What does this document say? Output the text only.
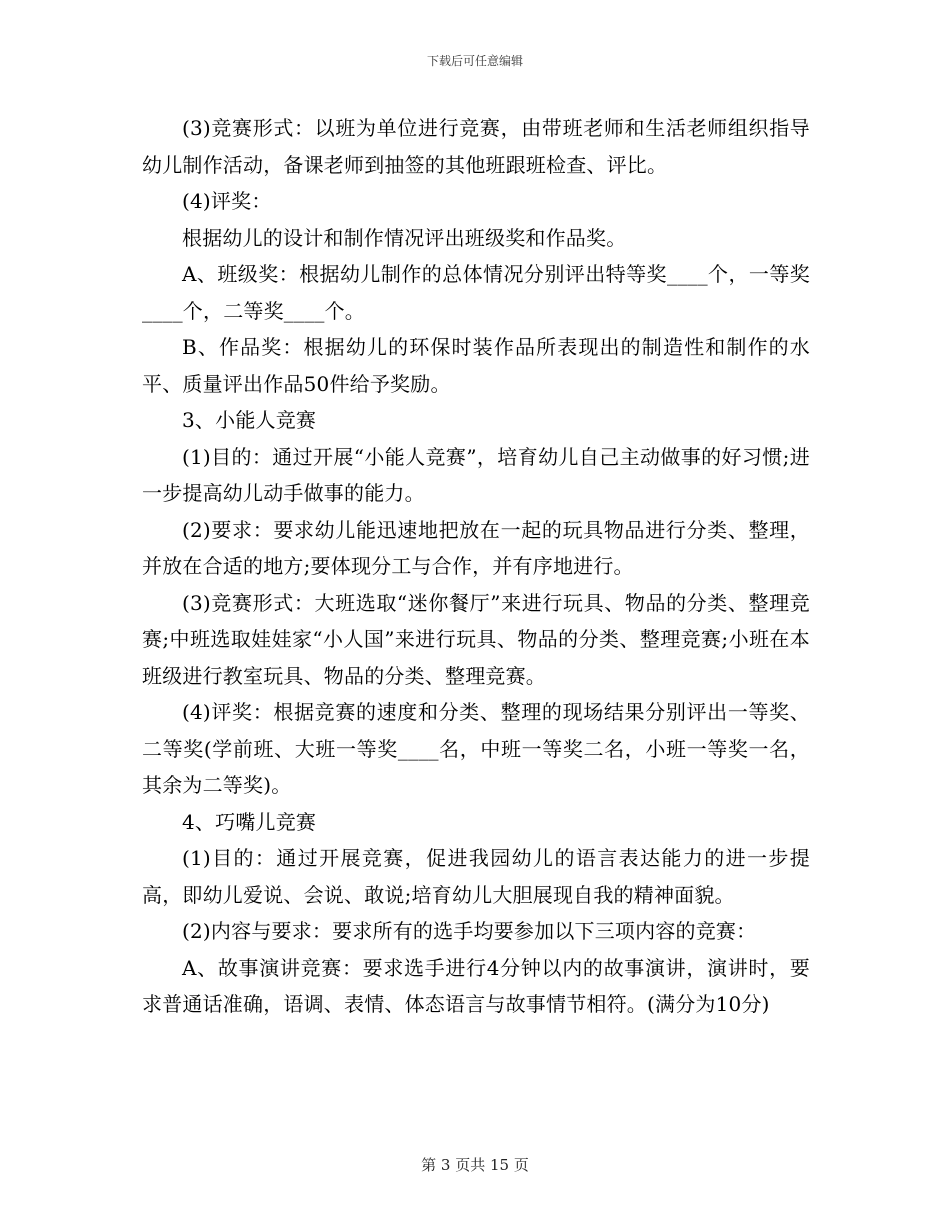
下载后可任意编辑

(3)竞赛形式：以班为单位进行竞赛，由带班老师和生活老师组织指导幼儿制作活动，备课老师到抽签的其他班跟班检查、评比。

(4)评奖：

根据幼儿的设计和制作情况评出班级奖和作品奖。

A、班级奖：根据幼儿制作的总体情况分别评出特等奖____个，一等奖____个，二等奖____个。

B、作品奖：根据幼儿的环保时装作品所表现出的制造性和制作的水平、质量评出作品50件给予奖励。

3、小能人竞赛

(1)目的：通过开展“小能人竞赛”，培育幼儿自己主动做事的好习惯;进一步提高幼儿动手做事的能力。

(2)要求：要求幼儿能迅速地把放在一起的玩具物品进行分类、整理，并放在合适的地方;要体现分工与合作，并有序地进行。

(3)竞赛形式：大班选取“迷你餐厅”来进行玩具、物品的分类、整理竞赛;中班选取娃娃家“小人国”来进行玩具、物品的分类、整理竞赛;小班在本班级进行教室玩具、物品的分类、整理竞赛。

(4)评奖：根据竞赛的速度和分类、整理的现场结果分别评出一等奖、二等奖(学前班、大班一等奖____名，中班一等奖二名，小班一等奖一名，其余为二等奖)。

4、巧嘴儿竞赛

(1)目的：通过开展竞赛，促进我园幼儿的语言表达能力的进一步提高，即幼儿爱说、会说、敢说;培育幼儿大胆展现自我的精神面貌。

(2)内容与要求：要求所有的选手均要参加以下三项内容的竞赛：

A、故事演讲竞赛：要求选手进行4分钟以内的故事演讲，演讲时，要求普通话准确，语调、表情、体态语言与故事情节相符。(满分为10分)

第 3 页共 15 页
